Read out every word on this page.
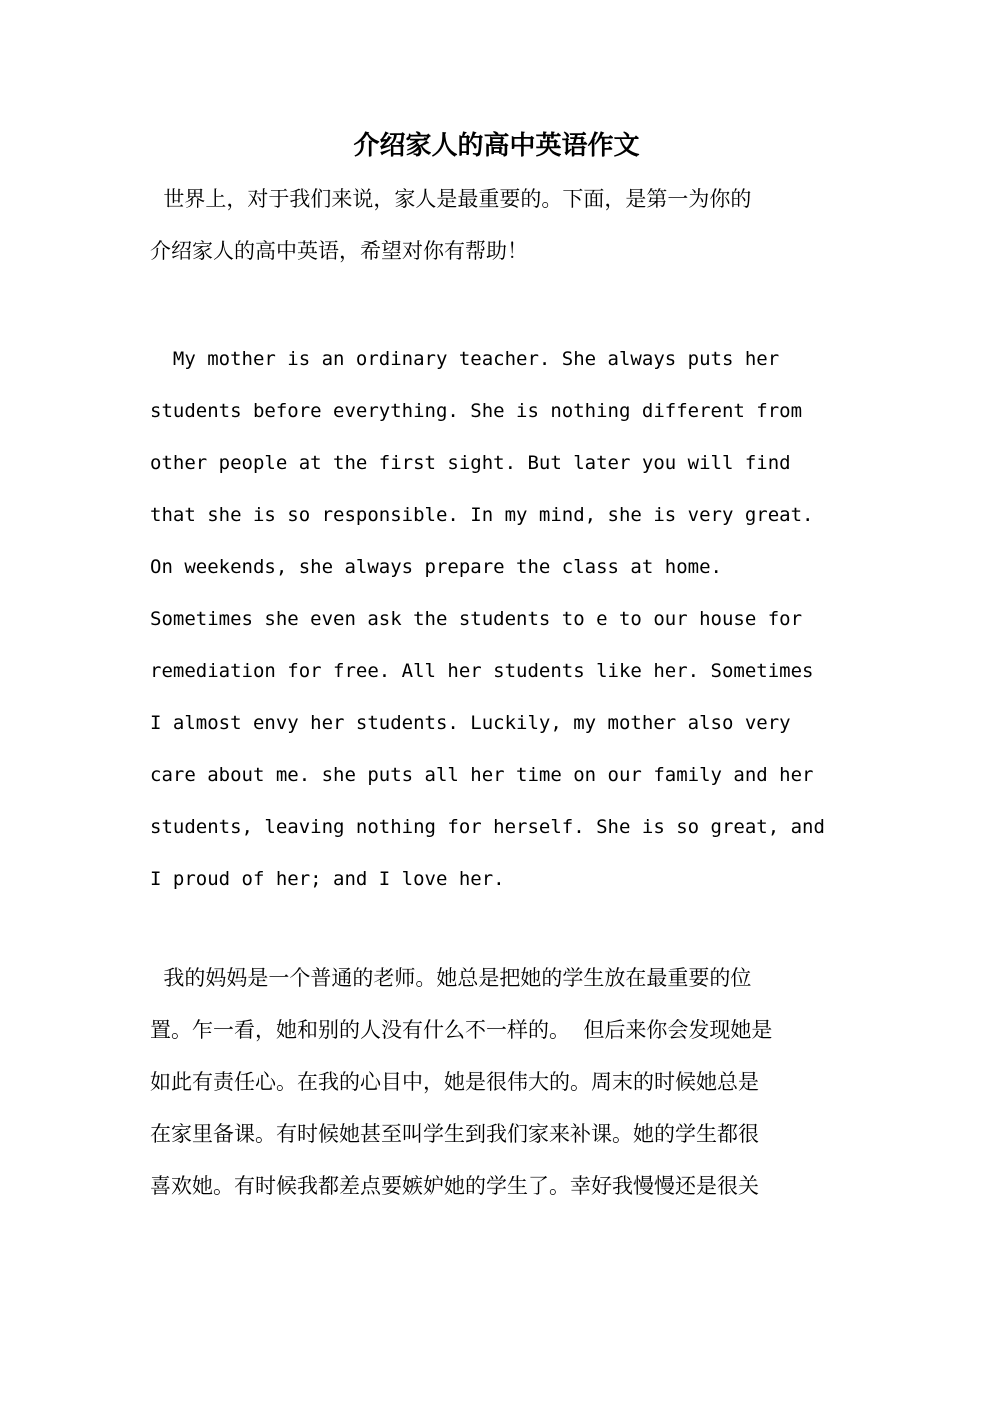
介绍家人的高中英语作文

世界上，对于我们来说，家人是最重要的。下面，是第一为你的

介绍家人的高中英语，希望对你有帮助！

My mother is an ordinary teacher. She always puts her

students before everything. She is nothing different from

other people at the first sight. But later you will find

that she is so responsible. In my mind, she is very great.

On weekends, she always prepare the class at home.

Sometimes she even ask the students to e to our house for

remediation for free. All her students like her. Sometimes

I almost envy her students. Luckily, my mother also very

care about me. she puts all her time on our family and her

students, leaving nothing for herself. She is so great, and

I proud of her; and I love her.

我的妈妈是一个普通的老师。她总是把她的学生放在最重要的位

置。乍一看，她和别的人没有什么不一样的。  但后来你会发现她是

如此有责任心。在我的心目中，她是很伟大的。周末的时候她总是

在家里备课。有时候她甚至叫学生到我们家来补课。她的学生都很

喜欢她。有时候我都差点要嫉妒她的学生了。幸好我慢慢还是很关
